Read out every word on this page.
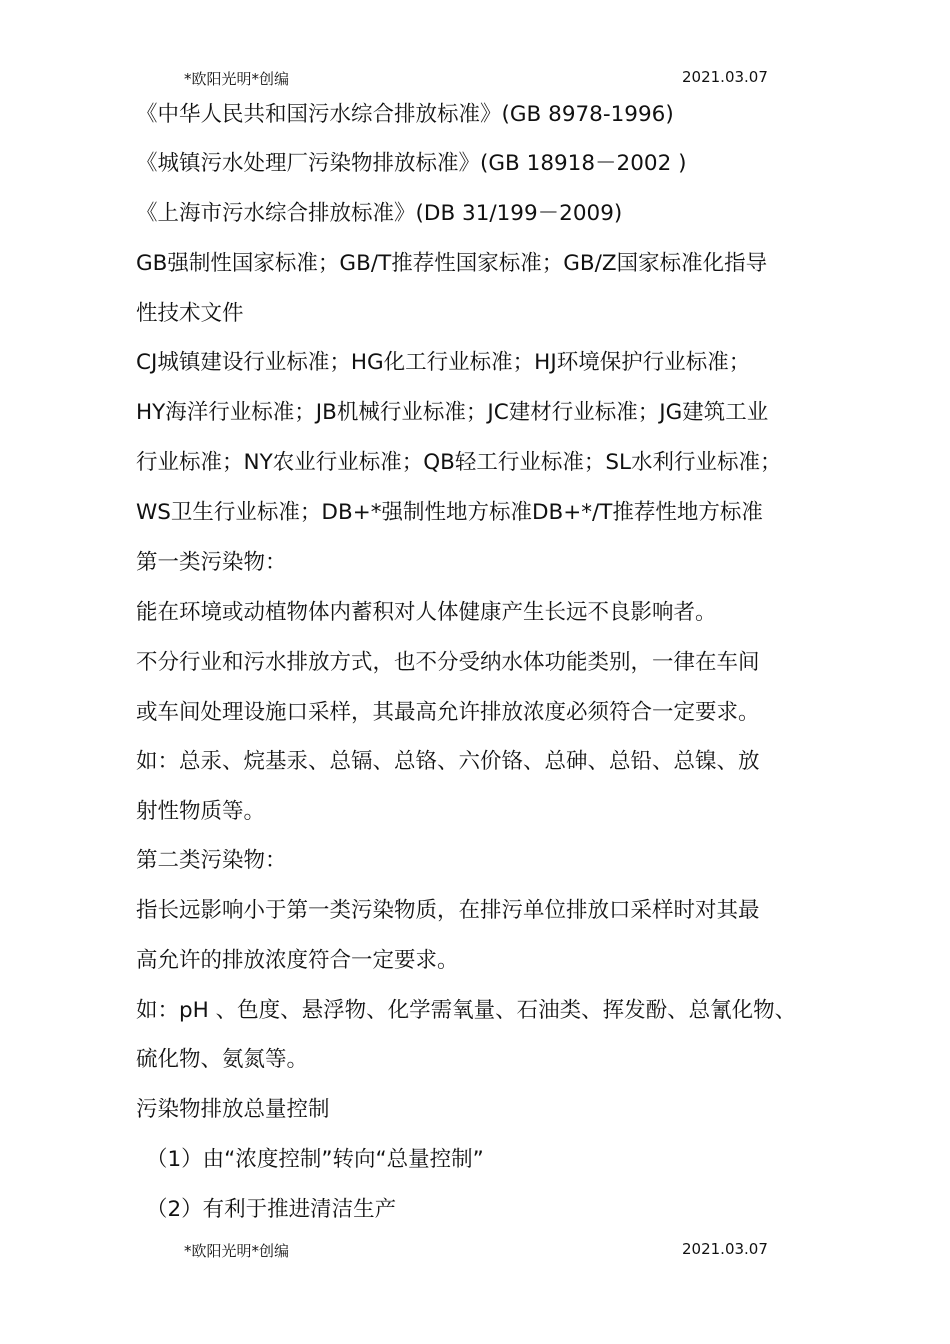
*欧阳光明*创编	2021.03.07
《中华人民共和国污水综合排放标准》(GB 8978-1996)
《城镇污水处理厂污染物排放标准》(GB 18918－2002 )
《上海市污水综合排放标准》(DB 31/199－2009)
GB强制性国家标准；GB/T推荐性国家标准；GB/Z国家标准化指导
性技术文件
CJ城镇建设行业标准；HG化工行业标准；HJ环境保护行业标准；
HY海洋行业标准；JB机械行业标准；JC建材行业标准；JG建筑工业
行业标准；NY农业行业标准；QB轻工行业标准；SL水利行业标准；
WS卫生行业标准；DB+*强制性地方标准DB+*/T推荐性地方标准
第一类污染物：
能在环境或动植物体内蓄积对人体健康产生长远不良影响者。
不分行业和污水排放方式，也不分受纳水体功能类别，一律在车间
或车间处理设施口采样，其最高允许排放浓度必须符合一定要求。
如：总汞、烷基汞、总镉、总铬、六价铬、总砷、总铅、总镍、放
射性物质等。
第二类污染物：
指长远影响小于第一类污染物质，在排污单位排放口采样时对其最
高允许的排放浓度符合一定要求。
如：pH 、色度、悬浮物、化学需氧量、石油类、挥发酚、总氰化物、
硫化物、氨氮等。
污染物排放总量控制
（1）由“浓度控制”转向“总量控制”
（2）有利于推进清洁生产
*欧阳光明*创编	2021.03.07
